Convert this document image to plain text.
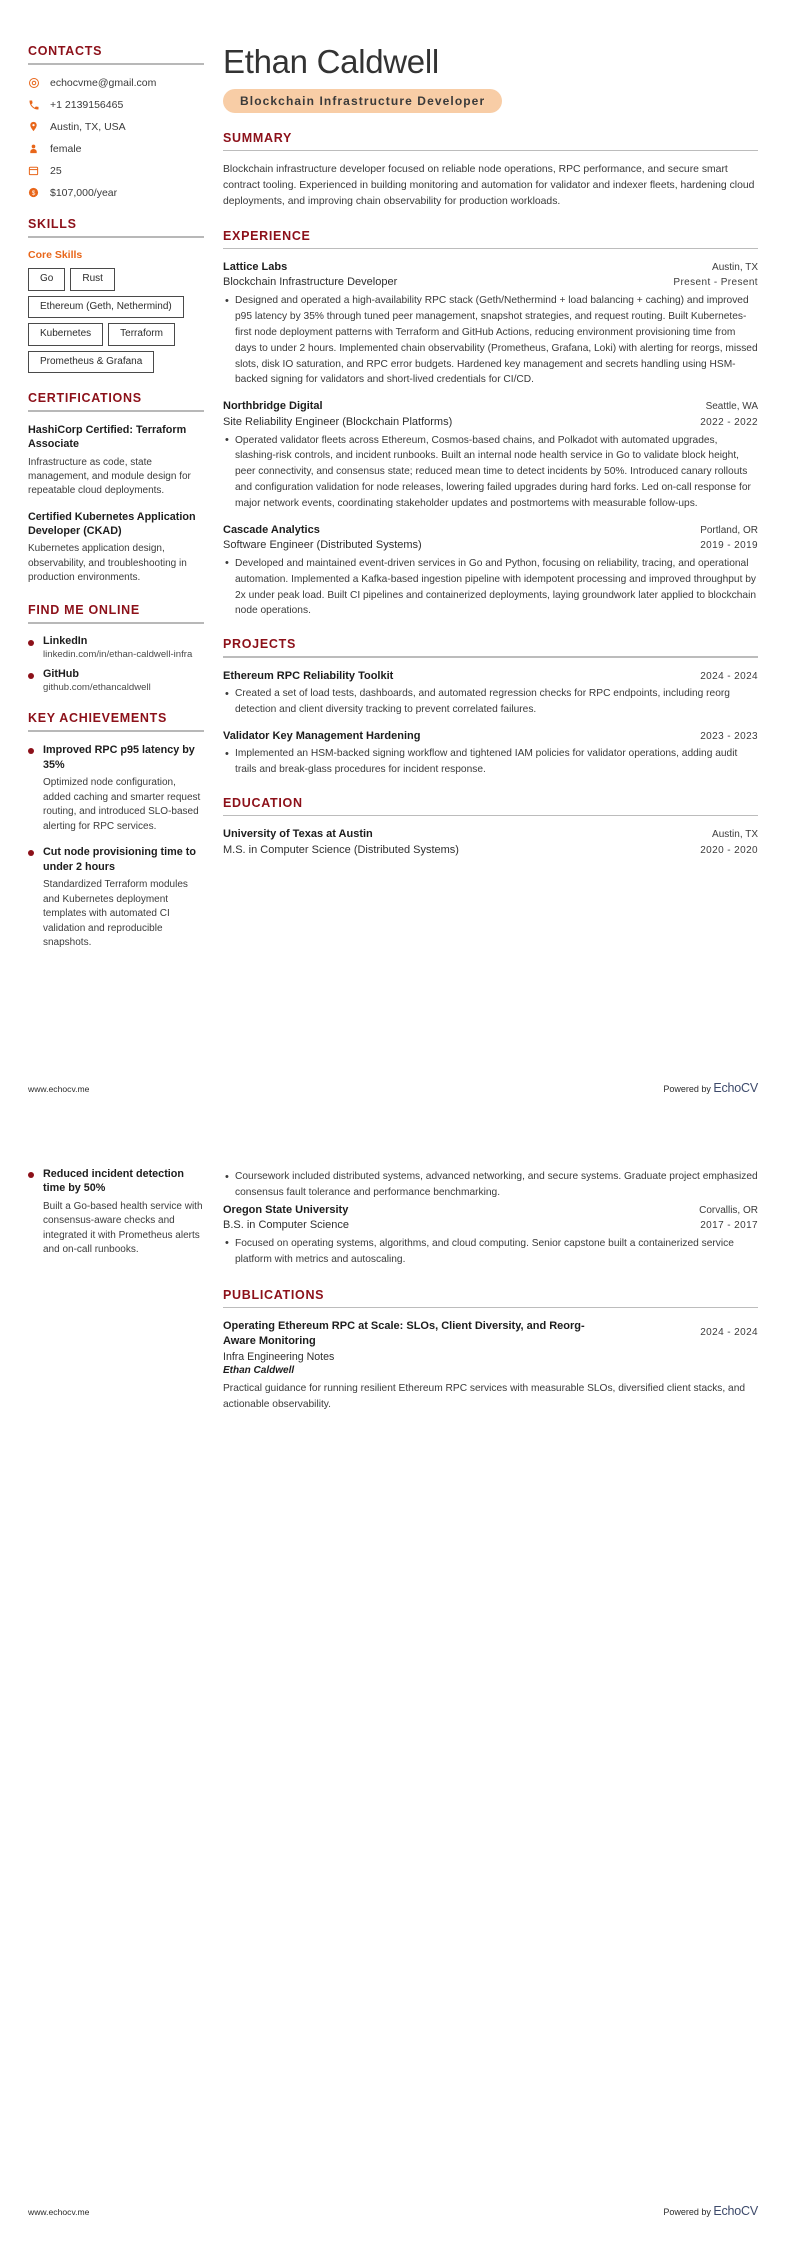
CONTACTS
echocvme@gmail.com
+1 2139156465
Austin, TX, USA
female
25
$ $107,000/year
SKILLS
Core Skills
Go	Rust
Ethereum (Geth, Nethermind)
Kubernetes	Terraform
Prometheus & Grafana
CERTIFICATIONS
HashiCorp Certified: Terraform Associate
Infrastructure as code, state management, and module design for repeatable cloud deployments.
Certified Kubernetes Application Developer (CKAD)
Kubernetes application design, observability, and troubleshooting in production environments.
FIND ME ONLINE
LinkedIn
linkedin.com/in/ethan-caldwell-infra
GitHub
github.com/ethancaldwell
KEY ACHIEVEMENTS
Improved RPC p95 latency by 35%
Optimized node configuration, added caching and smarter request routing, and introduced SLO-based alerting for RPC services.
Cut node provisioning time to under 2 hours
Standardized Terraform modules and Kubernetes deployment templates with automated CI validation and reproducible snapshots.
Ethan Caldwell
Blockchain Infrastructure Developer
SUMMARY

Blockchain infrastructure developer focused on reliable node operations, RPC performance, and secure smart contract tooling. Experienced in building monitoring and automation for validator and indexer fleets, hardening cloud deployments, and improving chain observability for production workloads.

EXPERIENCE
Lattice Labs	Austin, TX
Blockchain Infrastructure Developer	Present - Present
• Designed and operated a high-availability RPC stack (Geth/Nethermind + load balancing + caching) and improved p95 latency by 35% through tuned peer management, snapshot strategies, and request routing. Built Kubernetes-first node deployment patterns with Terraform and GitHub Actions, reducing environment provisioning time from days to under 2 hours. Implemented chain observability (Prometheus, Grafana, Loki) with alerting for reorgs, missed slots, disk IO saturation, and RPC error budgets. Hardened key management and secrets handling using HSM-backed signing for validators and short-lived credentials for CI/CD.
Northbridge Digital	Seattle, WA
Site Reliability Engineer (Blockchain Platforms)	2022 - 2022
• Operated validator fleets across Ethereum, Cosmos-based chains, and Polkadot with automated upgrades, slashing-risk controls, and incident runbooks. Built an internal node health service in Go to validate block height, peer connectivity, and consensus state; reduced mean time to detect incidents by 50%. Introduced canary rollouts and configuration validation for node releases, lowering failed upgrades during hard forks. Led on-call response for major network events, coordinating stakeholder updates and postmortems with measurable follow-ups.
Cascade Analytics	Portland, OR
Software Engineer (Distributed Systems)	2019 - 2019
• Developed and maintained event-driven services in Go and Python, focusing on reliability, tracing, and operational automation. Implemented a Kafka-based ingestion pipeline with idempotent processing and improved throughput by 2x under peak load. Built CI pipelines and containerized deployments, laying groundwork later applied to blockchain node operations.
PROJECTS
Ethereum RPC Reliability Toolkit	2024 - 2024
• Created a set of load tests, dashboards, and automated regression checks for RPC endpoints, including reorg detection and client diversity tracking to prevent correlated failures.
Validator Key Management Hardening	2023 - 2023
• Implemented an HSM-backed signing workflow and tightened IAM policies for validator operations, adding audit trails and break-glass procedures for incident response.
EDUCATION
University of Texas at Austin	Austin, TX
M.S. in Computer Science (Distributed Systems)	2020 - 2020
www.echocv.me	Powered by EchoCV
Reduced incident detection time by 50%
Built a Go-based health service with consensus-aware checks and integrated it with Prometheus alerts and on-call runbooks.
• Coursework included distributed systems, advanced networking, and secure systems. Graduate project emphasized consensus fault tolerance and performance benchmarking.
Oregon State University	Corvallis, OR
B.S. in Computer Science	2017 - 2017
• Focused on operating systems, algorithms, and cloud computing. Senior capstone built a containerized service platform with metrics and autoscaling.
PUBLICATIONS
Operating Ethereum RPC at Scale: SLOs, Client Diversity, and Reorg-Aware Monitoring
2024 - 2024
Infra Engineering Notes
Ethan Caldwell
Practical guidance for running resilient Ethereum RPC services with measurable SLOs, diversified client stacks, and actionable observability.
www.echocv.me	Powered by EchoCV
